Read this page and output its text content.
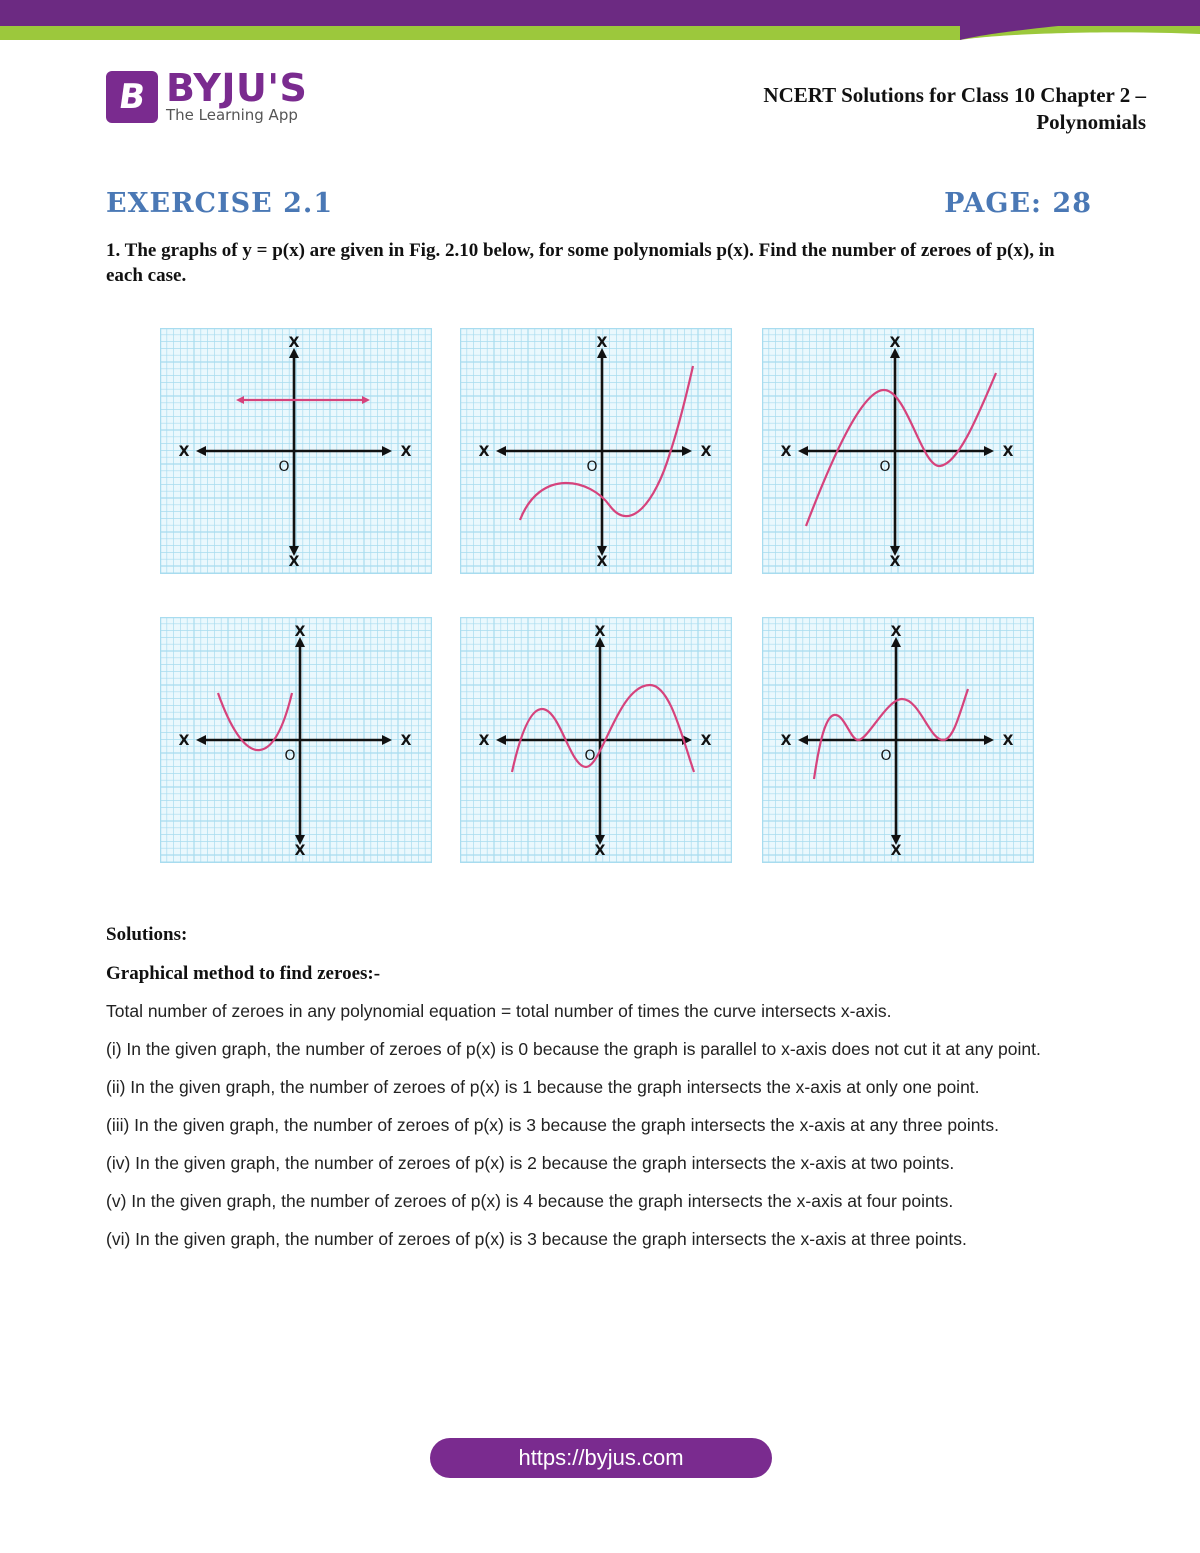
B BYJU'S
The Learning App
NCERT Solutions for Class 10 Chapter 2 –
Polynomials
EXERCISE 2.1	PAGE: 28
1. The graphs of y = p(x) are given in Fig. 2.10 below, for some polynomials p(x). Find the number of zeroes of p(x), in each case.
X	X
X
X
O
X	X
X
X
O
X	X
X
X
O
X	X
X
X
O
X	X
X
X
O
X	X
X
X
O

Solutions:

Graphical method to find zeroes:-

Total number of zeroes in any polynomial equation = total number of times the curve intersects x-axis.

(i) In the given graph, the number of zeroes of p(x) is 0 because the graph is parallel to x-axis does not cut it at any point.

(ii) In the given graph, the number of zeroes of p(x) is 1 because the graph intersects the x-axis at only one point.

(iii) In the given graph, the number of zeroes of p(x) is 3 because the graph intersects the x-axis at any three points.

(iv) In the given graph, the number of zeroes of p(x) is 2 because the graph intersects the x-axis at two points.

(v) In the given graph, the number of zeroes of p(x) is 4 because the graph intersects the x-axis at four points.

(vi) In the given graph, the number of zeroes of p(x) is 3 because the graph intersects the x-axis at three points.

https://byjus.com
